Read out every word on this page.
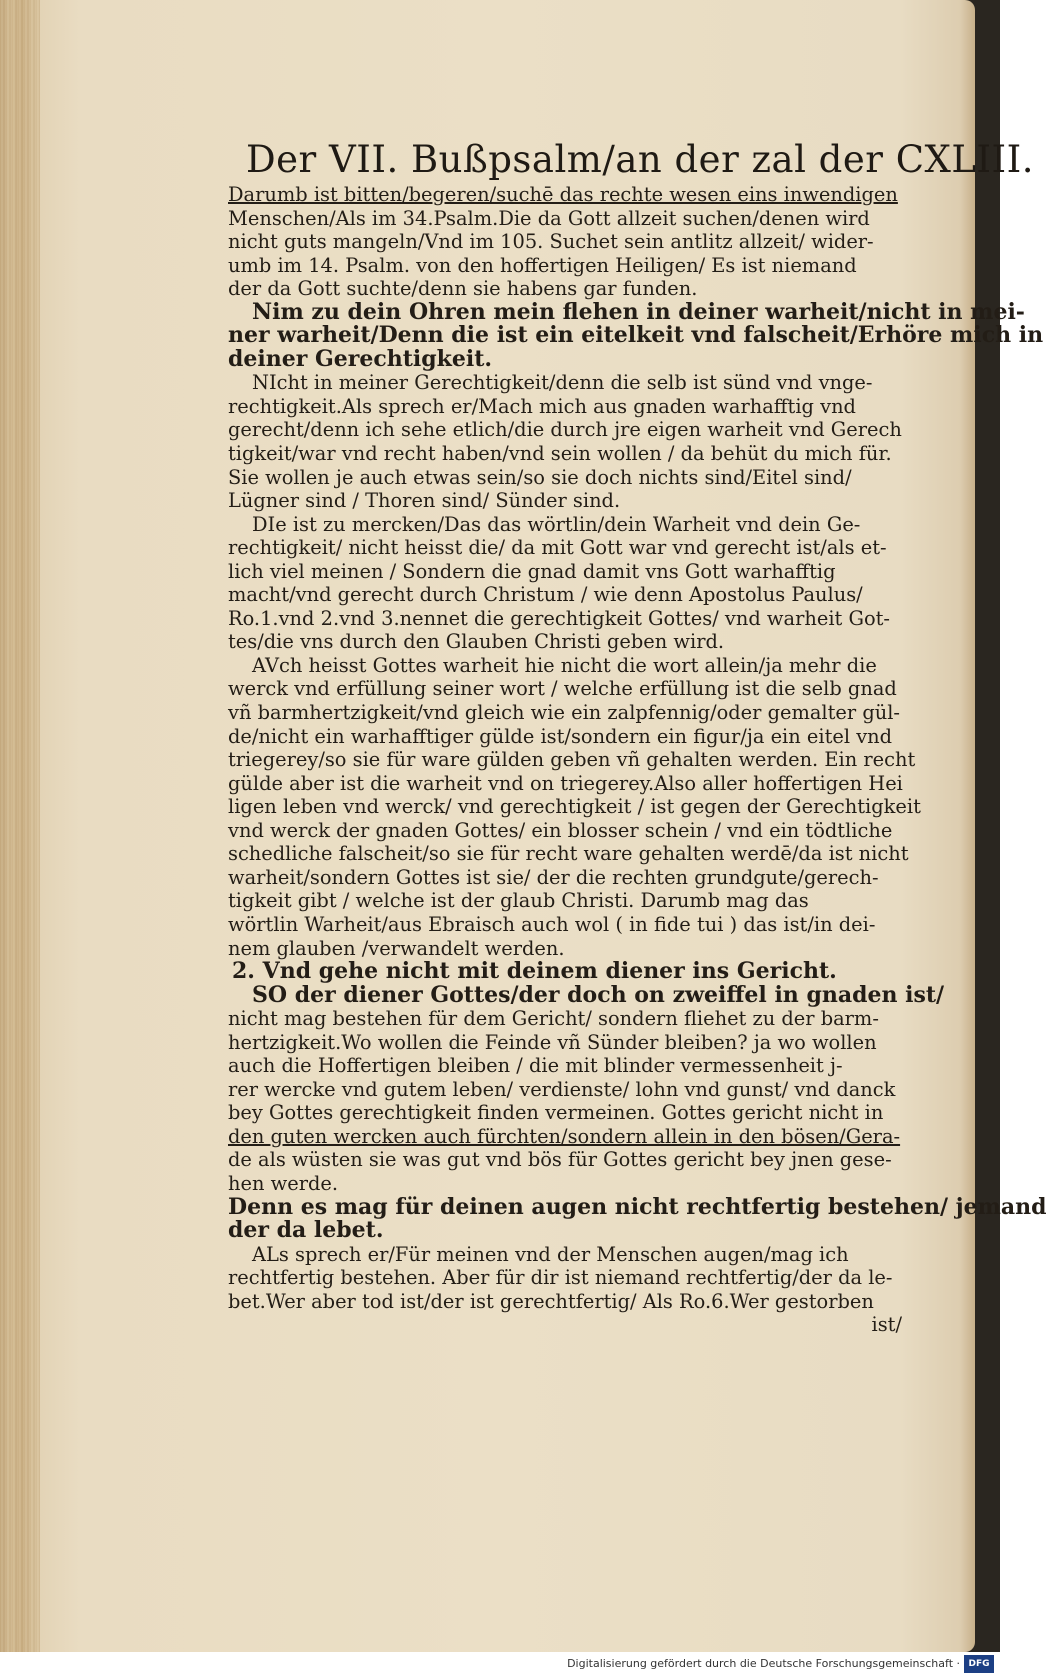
Der VII. Bußpsalm/an der zal der CXLIII.
Darumb ist bitten/begeren/suchē das rechte wesen eins inwendigen
Menschen/Als im 34.Psalm.Die da Gott allzeit suchen/denen wird
nicht guts mangeln/Vnd im 105. Suchet sein antlitz allzeit/ wider-
umb im 14. Psalm. von den hoffertigen Heiligen/ Es ist niemand
der da Gott suchte/denn sie habens gar funden.
Nim zu dein Ohren mein flehen in deiner warheit/nicht in mei-
ner warheit/Denn die ist ein eitelkeit vnd falscheit/Erhöre mich in
deiner Gerechtigkeit.
NIcht in meiner Gerechtigkeit/denn die selb ist sünd vnd vnge-
rechtigkeit.Als sprech er/Mach mich aus gnaden warhafftig vnd
gerecht/denn ich sehe etlich/die durch jre eigen warheit vnd Gerech
tigkeit/war vnd recht haben/vnd sein wollen / da behüt du mich für.
Sie wollen je auch etwas sein/so sie doch nichts sind/Eitel sind/
Lügner sind / Thoren sind/ Sünder sind.
DIe ist zu mercken/Das das wörtlin/dein Warheit vnd dein Ge-
rechtigkeit/ nicht heisst die/ da mit Gott war vnd gerecht ist/als et-
lich viel meinen / Sondern die gnad damit vns Gott warhafftig
macht/vnd gerecht durch Christum / wie denn Apostolus Paulus/
Ro.1.vnd 2.vnd 3.nennet die gerechtigkeit Gottes/ vnd warheit Got-
tes/die vns durch den Glauben Christi geben wird.
AVch heisst Gottes warheit hie nicht die wort allein/ja mehr die
werck vnd erfüllung seiner wort / welche erfüllung ist die selb gnad
vñ barmhertzigkeit/vnd gleich wie ein zalpfennig/oder gemalter gül-
de/nicht ein warhafftiger gülde ist/sondern ein figur/ja ein eitel vnd
triegerey/so sie für ware gülden geben vñ gehalten werden. Ein recht
gülde aber ist die warheit vnd on triegerey.Also aller hoffertigen Hei
ligen leben vnd werck/ vnd gerechtigkeit / ist gegen der Gerechtigkeit
vnd werck der gnaden Gottes/ ein blosser schein / vnd ein tödtliche
schedliche falscheit/so sie für recht ware gehalten werdē/da ist nicht
warheit/sondern Gottes ist sie/ der die rechten grundgute/gerech-
tigkeit gibt / welche ist der glaub Christi. Darumb mag das
wörtlin Warheit/aus Ebraisch auch wol ( in fide tui ) das ist/in dei-
nem glauben /verwandelt werden.
2. Vnd gehe nicht mit deinem diener ins Gericht.
SO der diener Gottes/der doch on zweiffel in gnaden ist/
nicht mag bestehen für dem Gericht/ sondern fliehet zu der barm-
hertzigkeit.Wo wollen die Feinde vñ Sünder bleiben? ja wo wollen
auch die Hoffertigen bleiben / die mit blinder vermessenheit j-
rer wercke vnd gutem leben/ verdienste/ lohn vnd gunst/ vnd danck
bey Gottes gerechtigkeit finden vermeinen. Gottes gericht nicht in
den guten wercken auch fürchten/sondern allein in den bösen/Gera-
de als wüsten sie was gut vnd bös für Gottes gericht bey jnen gese-
hen werde.
Denn es mag für deinen augen nicht rechtfertig bestehen/ jemand
der da lebet.
ALs sprech er/Für meinen vnd der Menschen augen/mag ich
rechtfertig bestehen. Aber für dir ist niemand rechtfertig/der da le-
bet.Wer aber tod ist/der ist gerechtfertig/ Als Ro.6.Wer gestorben
ist/
Digitalisierung gefördert durch die Deutsche Forschungsgemeinschaft · DFG
